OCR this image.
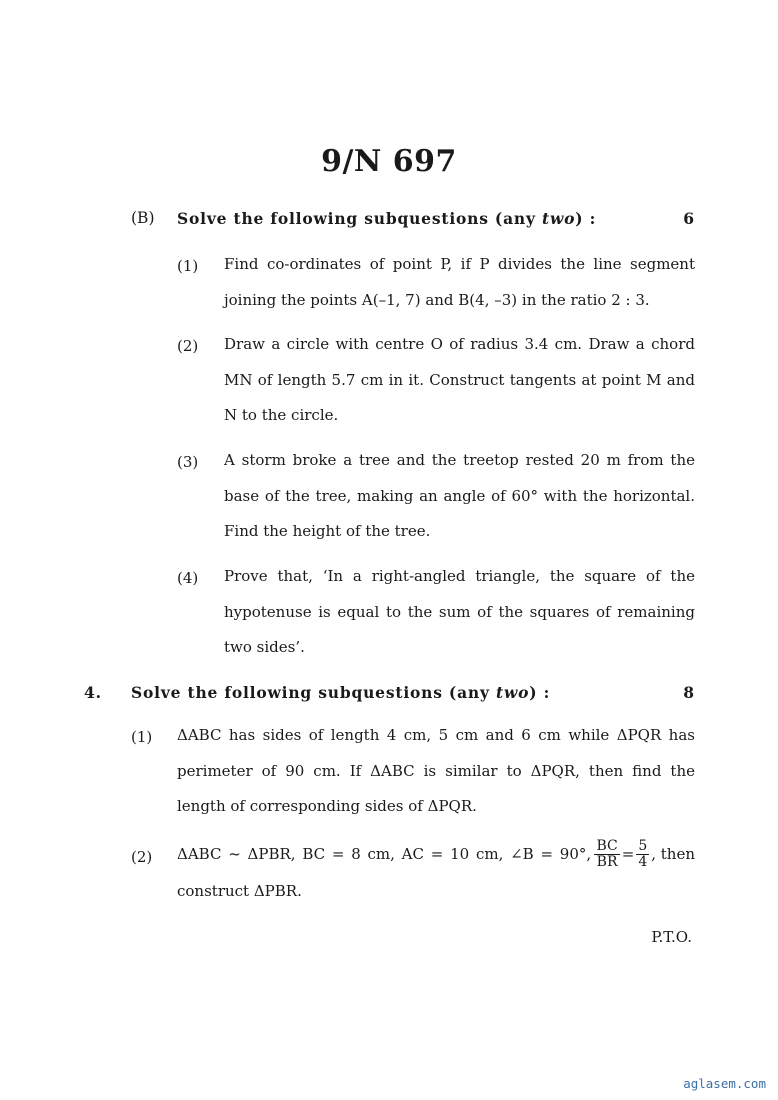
9/N 697
(B) Solve the following subquestions (any two) :	6
(1) Find co-ordinates of point P, if P divides the line segment joining the points A(–1, 7) and B(4, –3) in the ratio 2 : 3.
(2) Draw a circle with centre O of radius 3.4 cm. Draw a chord MN of length 5.7 cm in it. Construct tangents at point M and N to the circle.
(3) A storm broke a tree and the treetop rested 20 m from the base of the tree, making an angle of 60° with the horizontal. Find the height of the tree.
(4) Prove that, ‘In a right-angled triangle, the square of the hypotenuse is equal to the sum of the squares of remaining two sides’.
4. Solve the following subquestions (any two) :	8
(1) ΔABC has sides of length 4 cm, 5 cm and 6 cm while ΔPQR has perimeter of 90 cm. If ΔABC is similar to ΔPQR, then find the length of corresponding sides of ΔPQR.
(2) ΔABC ~ ΔPBR, BC = 8 cm, AC = 10 cm, ∠B = 90°, $\frac{BC}{BR} = \frac{5}{4}$ , then
construct ΔPBR.
P.T.O.
aglasem.com
